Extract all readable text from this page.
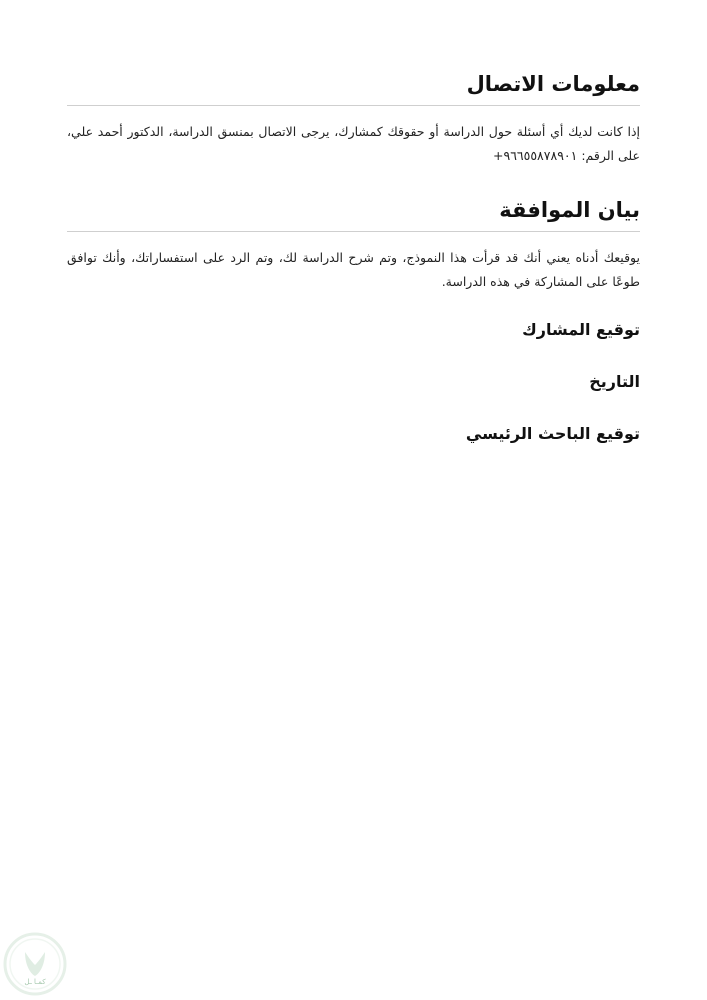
معلومات الاتصال

إذا كانت لديك أي أسئلة حول الدراسة أو حقوقك كمشارك، يرجى الاتصال بمنسق الدراسة، الدكتور أحمد علي، على الرقم: ٩٦٦٥٥٨٧٨٩٠١+

بيان الموافقة

يوقيعك أدناه يعني أنك قد قرأت هذا النموذج، وتم شرح الدراسة لك، وتم الرد على استفساراتك، وأنك توافق طوعًا على المشاركة في هذه الدراسة.

توقيع المشارك

التاريخ

توقيع الباحث الرئيسي

كمـا ـل
